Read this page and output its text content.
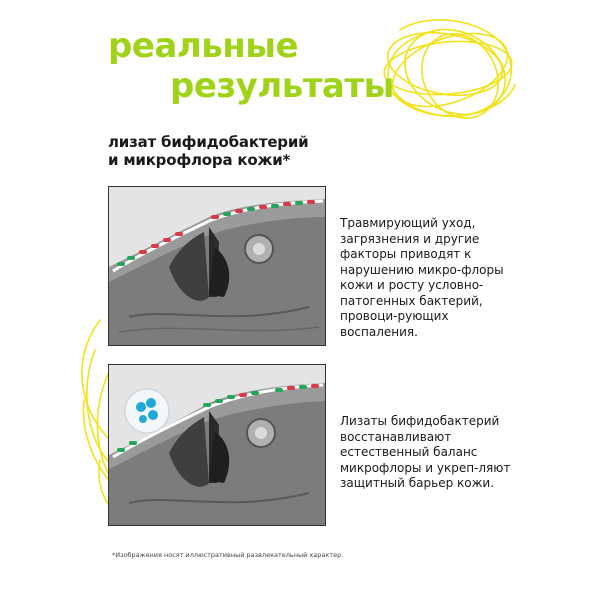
реальные
результаты
лизат бифидобактерий
и микрофлора кожи*
Травмирующий уход, загрязнения и другие факторы приводят к нарушению микро-флоры кожи и росту условно-патогенных бактерий, провоци-рующих воспаления.
Лизаты бифидобактерий восстанавливают естественный баланс микрофлоры и укреп-ляют защитный барьер кожи.
*Изображения носят иллюстративный развлекательный характер.
